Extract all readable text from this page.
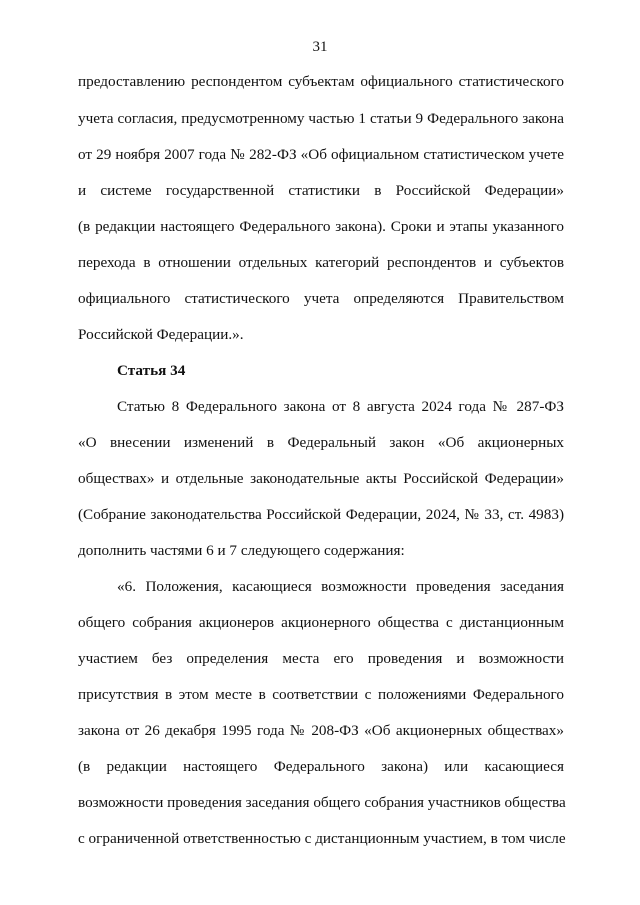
31
предоставлению респондентом субъектам официального статистического
учета согласия, предусмотренному частью 1 статьи 9 Федерального закона
от 29 ноября 2007 года № 282-ФЗ «Об официальном статистическом учете
и системе государственной статистики в Российской Федерации»
(в редакции настоящего Федерального закона). Сроки и этапы указанного
перехода в отношении отдельных категорий респондентов и субъектов
официального статистического учета определяются Правительством
Российской Федерации.».
Статья 34
Статью 8 Федерального закона от 8 августа 2024 года № 287-ФЗ
«О внесении изменений в Федеральный закон «Об акционерных
обществах» и отдельные законодательные акты Российской Федерации»
(Собрание законодательства Российской Федерации, 2024, № 33, ст. 4983)
дополнить частями 6 и 7 следующего содержания:
«6. Положения, касающиеся возможности проведения заседания
общего собрания акционеров акционерного общества с дистанционным
участием без определения места его проведения и возможности
присутствия в этом месте в соответствии с положениями Федерального
закона от 26 декабря 1995 года № 208-ФЗ «Об акционерных обществах»
(в редакции настоящего Федерального закона) или касающиеся
возможности проведения заседания общего собрания участников общества
с ограниченной ответственностью с дистанционным участием, в том числе
